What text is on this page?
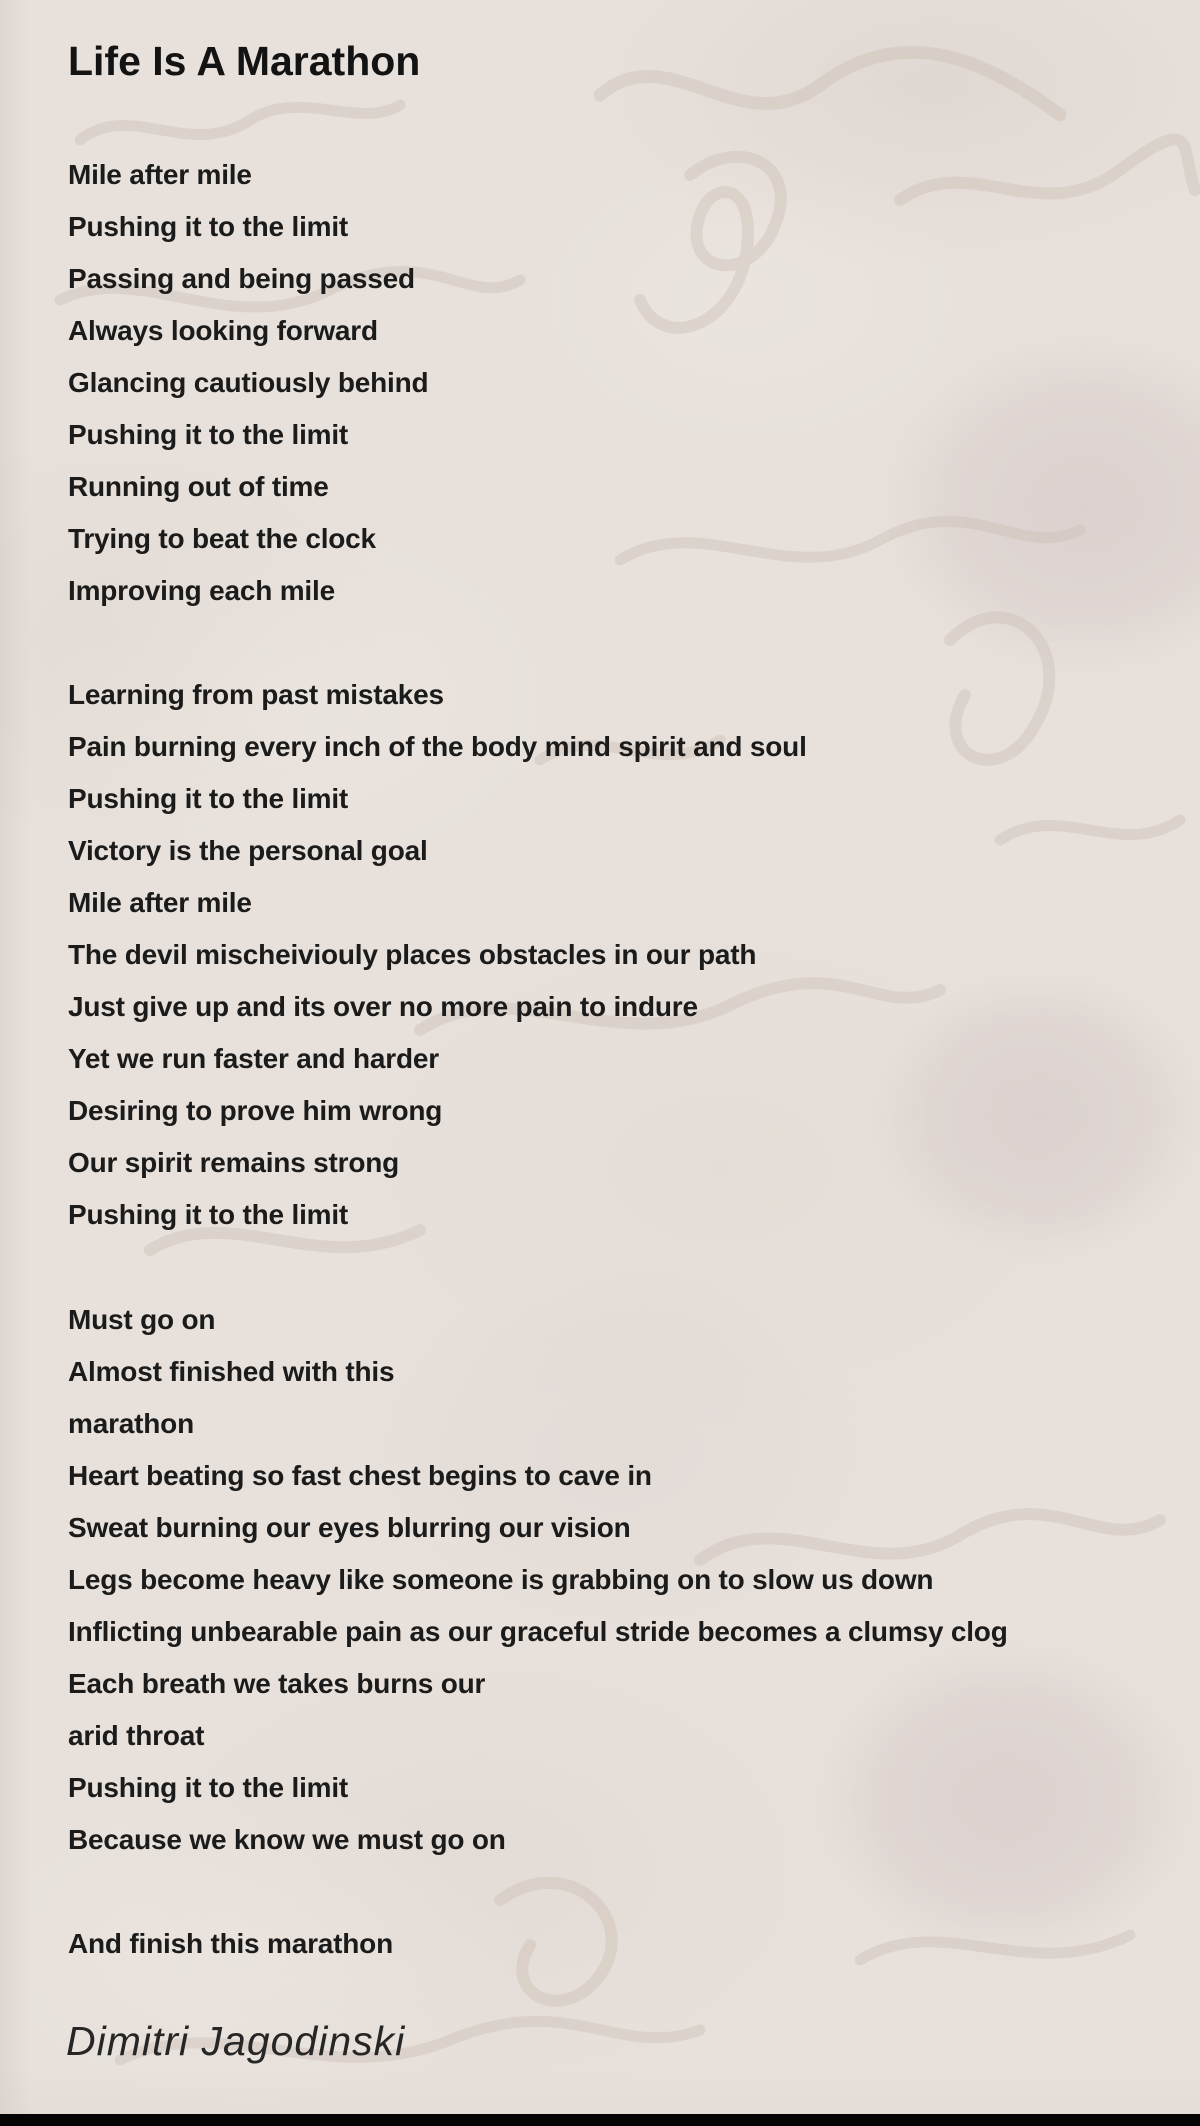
Life Is A Marathon
Mile after mile
Pushing it to the limit
Passing and being passed
Always looking forward
Glancing cautiously behind
Pushing it to the limit
Running out of time
Trying to beat the clock
Improving each mile
Learning from past mistakes
Pain burning every inch of the body mind spirit and soul
Pushing it to the limit
Victory is the personal goal
Mile after mile
The devil mischeiviouly places obstacles in our path
Just give up and its over no more pain to indure
Yet we run faster and harder
Desiring to prove him wrong
Our spirit remains strong
Pushing it to the limit
Must go on
Almost finished with this
marathon
Heart beating so fast chest begins to cave in
Sweat burning our eyes blurring our vision
Legs become heavy like someone is grabbing on to slow us down
Inflicting unbearable pain as our graceful stride becomes a clumsy clog
Each breath we takes burns our
arid throat
Pushing it to the limit
Because we know we must go on
And finish this marathon
Dimitri Jagodinski
